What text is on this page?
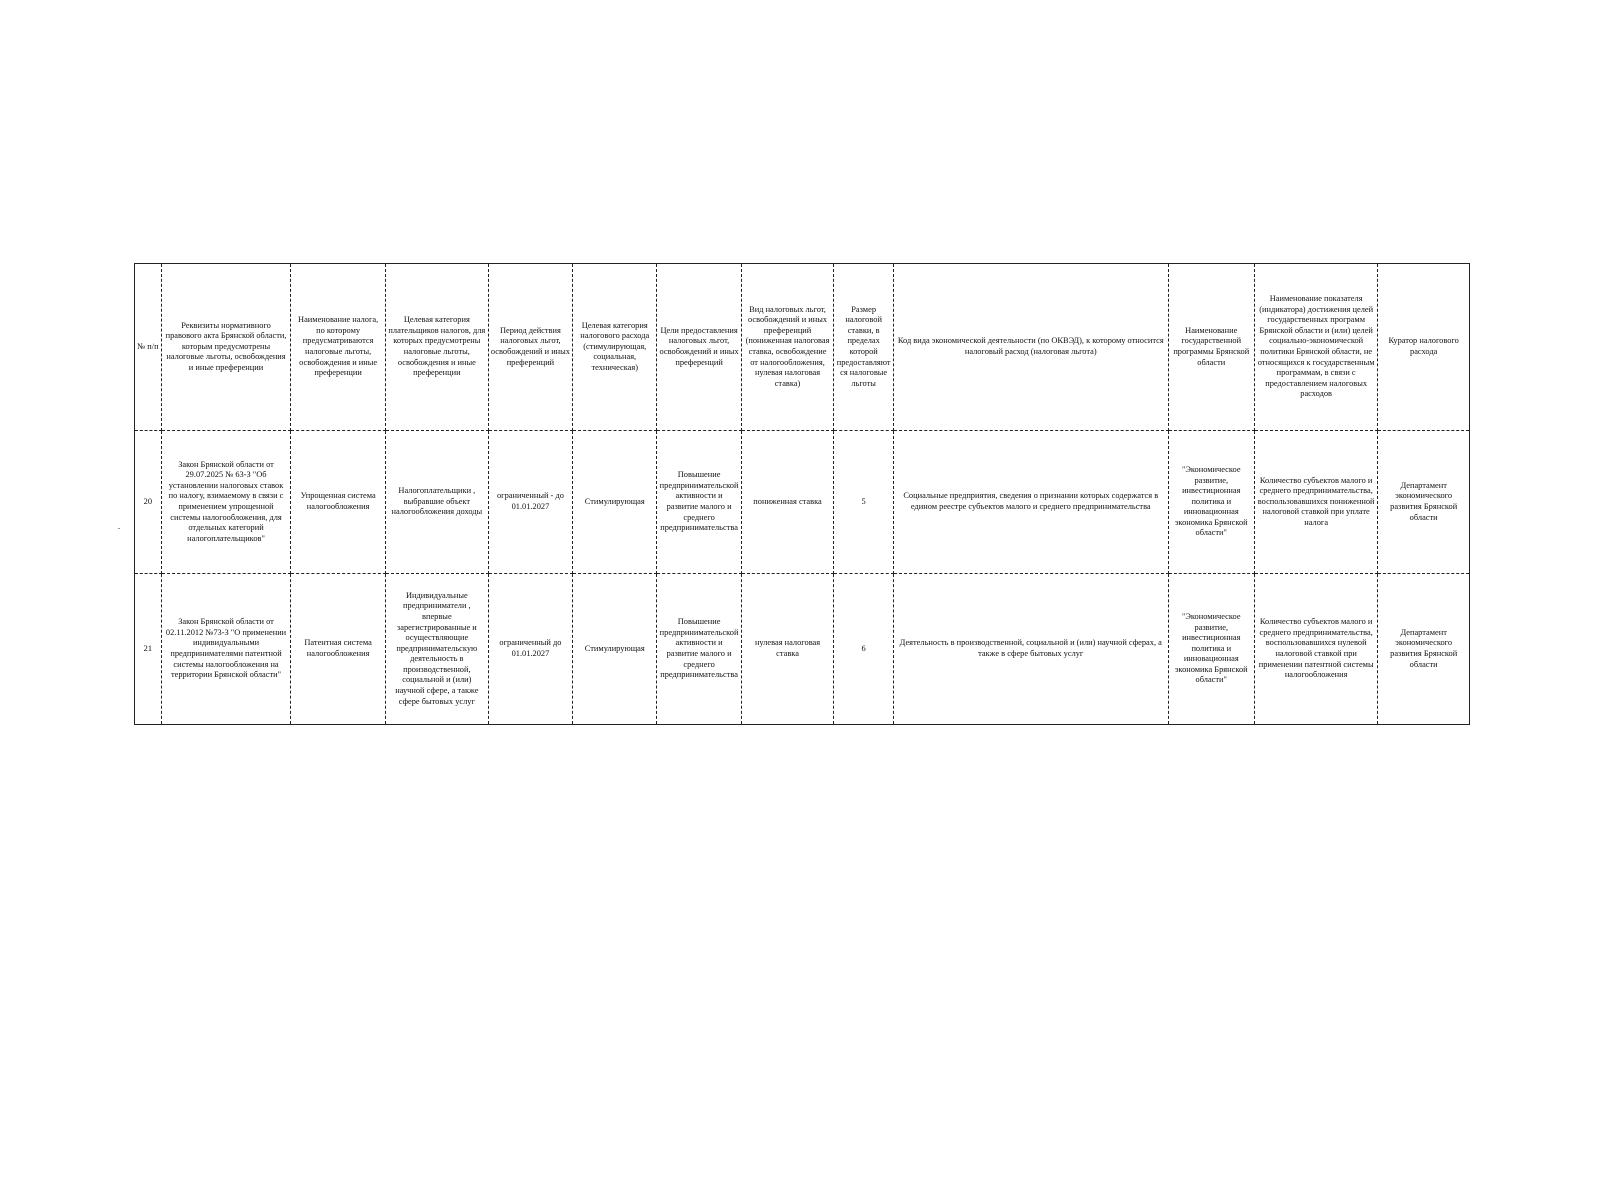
№ п/п	Реквизиты нормативного правового акта Брянской области, которым предусмотрены налоговые льготы, освобождения и иные преференции	Наименование налога, по которому предусматриваются налоговые льготы, освобождения и иные преференции	Целевая категория плательщиков налогов, для которых предусмотрены налоговые льготы, освобождения и иные преференции	Период действия налоговых льгот, освобождений и иных преференций	Целевая категория налогового расхода (стимулирующая, социальная, техническая)	Цели предоставления налоговых льгот, освобождений и иных преференций	Вид налоговых льгот, освобождений и иных преференций (пониженная налоговая ставка, освобождение от налогообложения, нулевая налоговая ставка)	Размер налоговой ставки, в пределах которой предоставляются налоговые льготы	Код вида экономической деятельности (по ОКВЭД), к которому относится налоговый расход (налоговая льгота)	Наименование государственной программы Брянской области	Наименование показателя (индикатора) достижения целей государственных программ Брянской области и (или) целей социально-экономической политики Брянской области, не относящихся к государственным программам, в связи с предоставлением налоговых расходов	Куратор налогового расхода
20	Закон Брянской области от 29.07.2025 № 63-З "Об установлении налоговых ставок по налогу, взимаемому в связи с применением упрощенной системы налогообложения, для отдельных категорий налогоплательщиков"	Упрощенная система налогообложения	Налогоплательщики , выбравшие объект налогообложения доходы	ограниченный - до 01.01.2027	Стимулирующая	Повышение предпринимательской активности и развитие малого и среднего предпринимательства	пониженная ставка	5	Социальные предприятия, сведения о признании которых содержатся в едином реестре субъектов малого и среднего предпринимательства	"Экономическое развитие, инвестиционная политика и инновационная экономика Брянской области"	Количество субъектов малого и среднего предпринимательства, воспользовавшихся пониженной налоговой ставкой при уплате налога	Департамент экономического развития Брянской области
21	Закон Брянской области от 02.11.2012 №73-З "О применении индивидуальными предпринимателями патентной системы налогообложения на территории Брянской области"	Патентная система налогообложения	Индивидуальные предприниматели , впервые зарегистрированные и осуществляющие предпринимательскую деятельность в производственной, социальной и (или) научной сфере, а также сфере бытовых услуг	ограниченный до 01.01.2027	Стимулирующая	Повышение предпринимательской активности и развитие малого и среднего предпринимательства	нулевая налоговая ставка	6	Деятельность в производственной, социальной и (или) научной сферах, а также в сфере бытовых услуг	"Экономическое развитие, инвестиционная политика и инновационная экономика Брянской области"	Количество субъектов малого и среднего предпринимательства, воспользовавшихся нулевой налоговой ставкой при применении патентной системы налогообложения	Департамент экономического развития Брянской области
